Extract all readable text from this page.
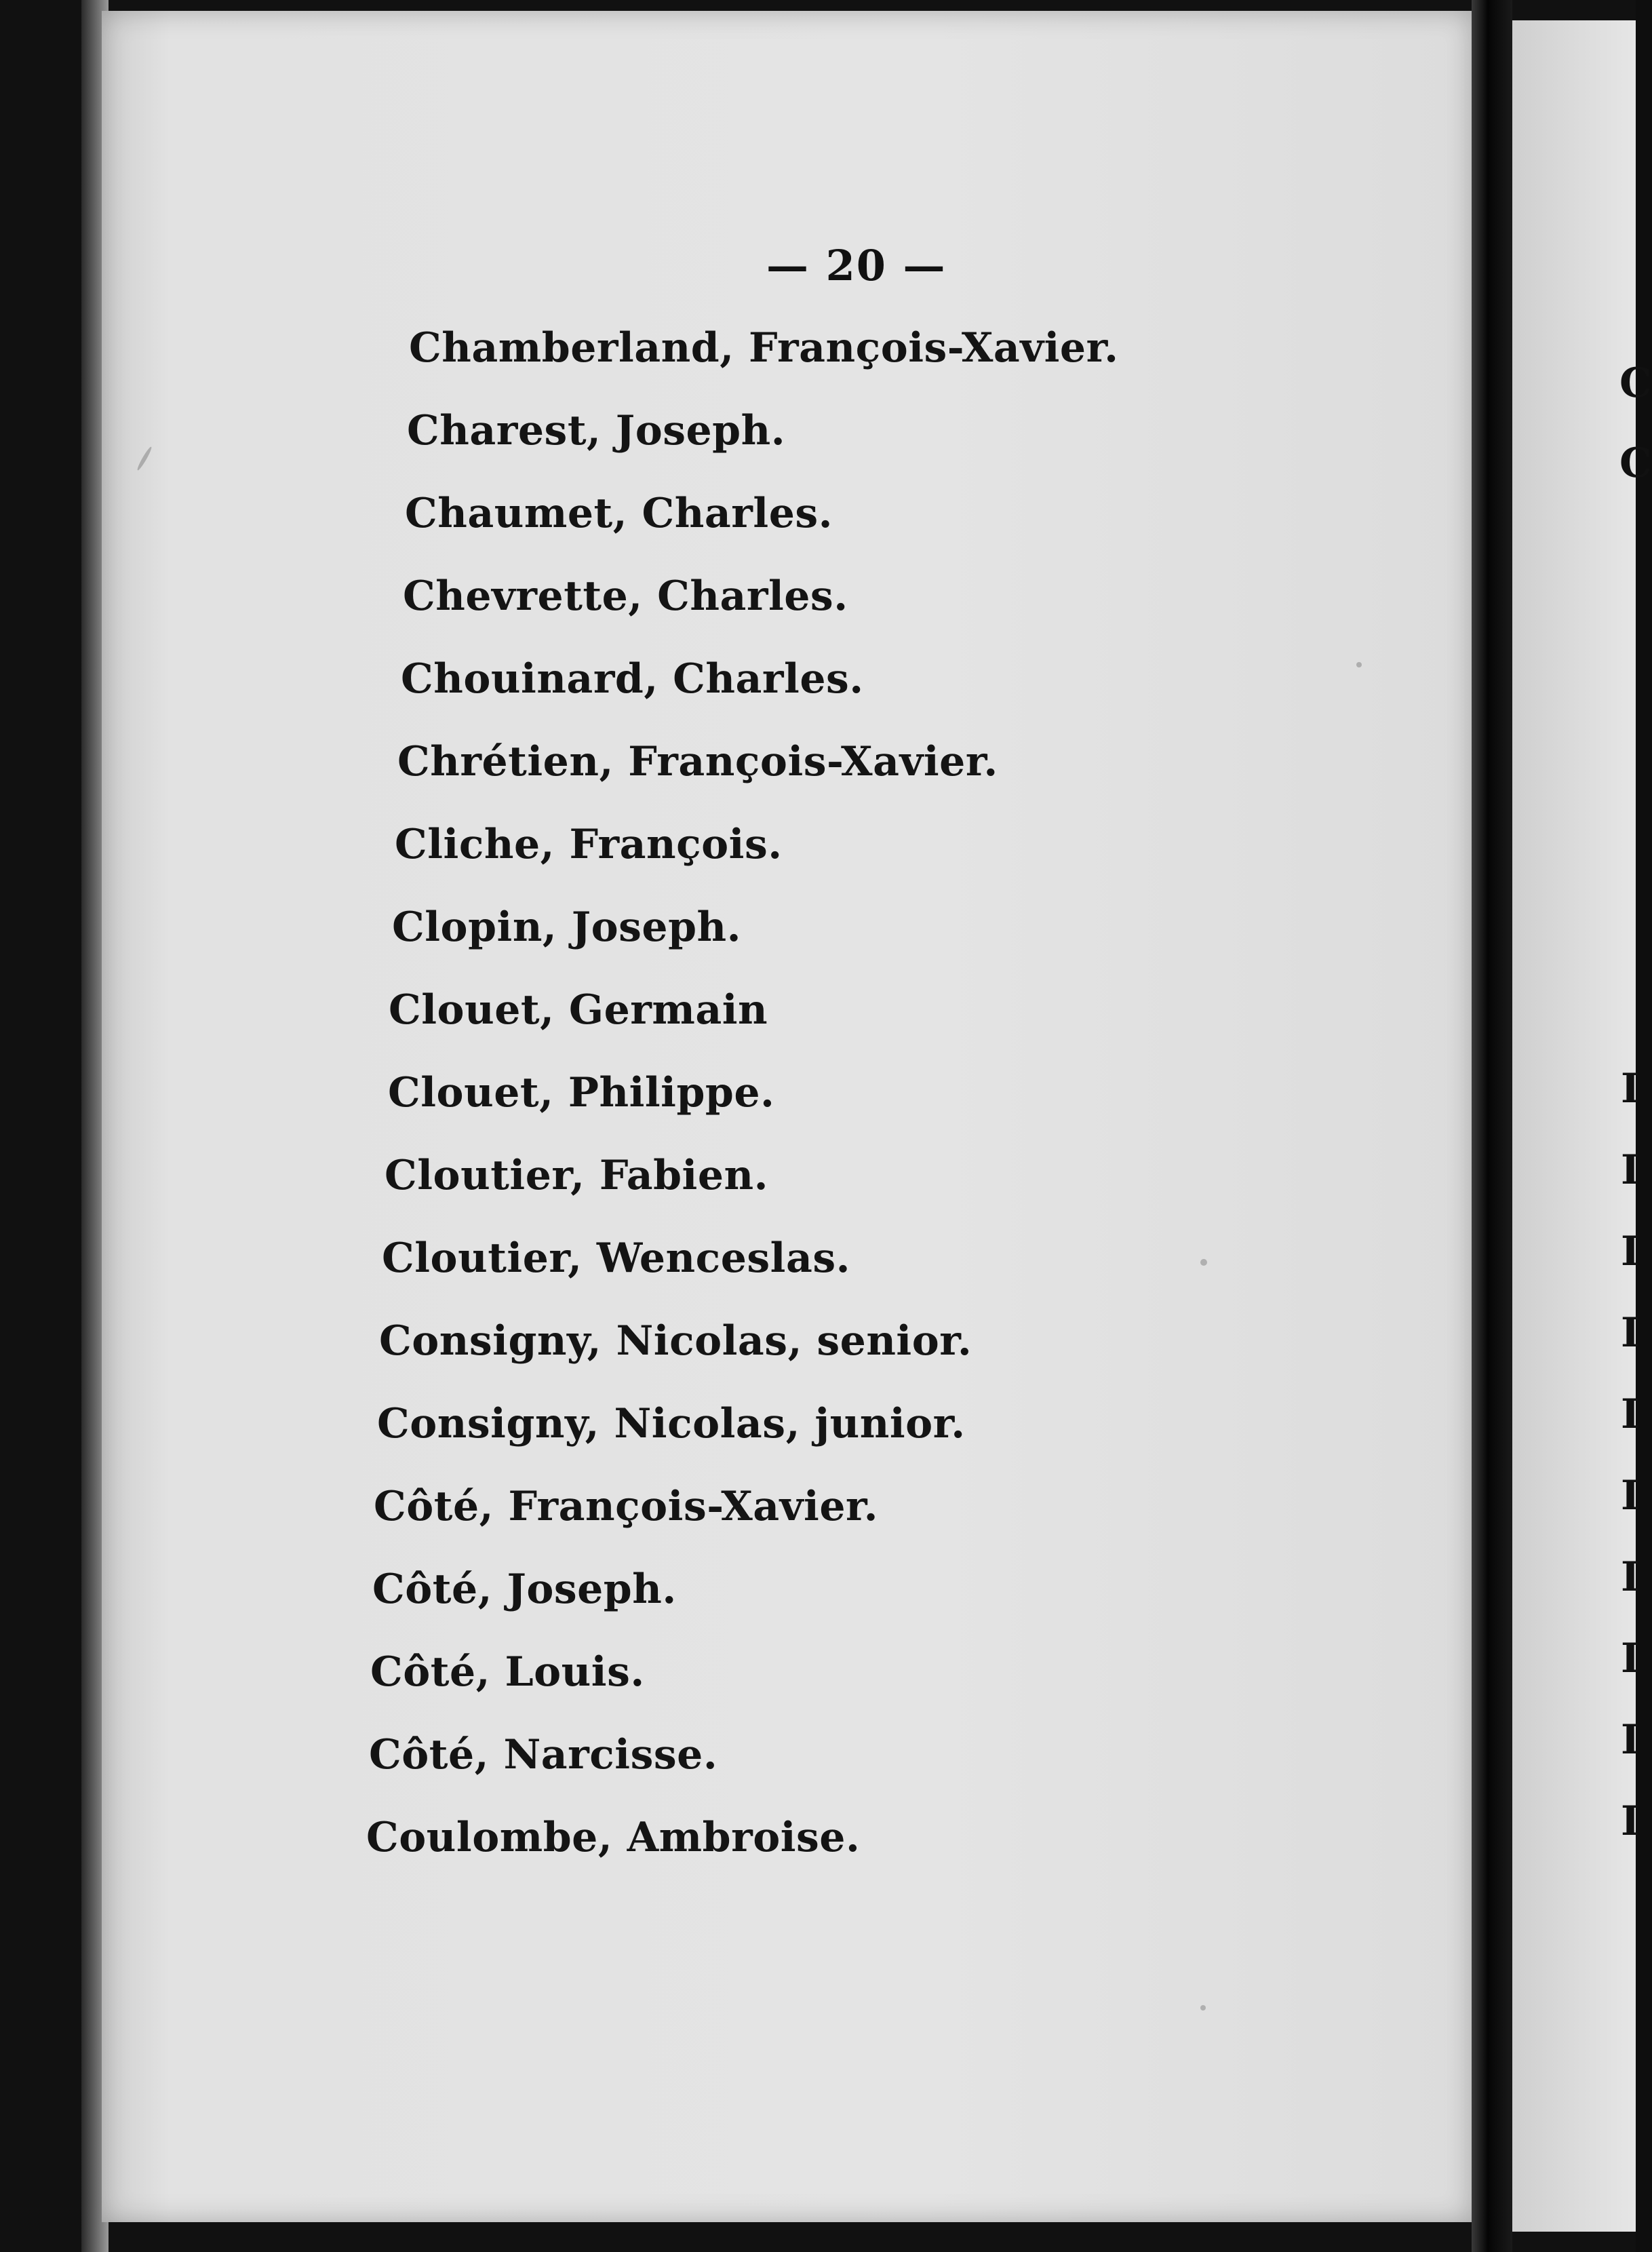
— 20 —
Chamberland, François-Xavier.
Charest, Joseph.
Chaumet, Charles.
Chevrette, Charles.
Chouinard, Charles.
Chrétien, François-Xavier.
Cliche, François.
Clopin, Joseph.
Clouet, Germain
Clouet, Philippe.
Cloutier, Fabien.
Cloutier, Wenceslas.
Consigny, Nicolas, senior.
Consigny, Nicolas, junior.
Côté, François-Xavier.
Côté, Joseph.
Côté, Louis.
Côté, Narcisse.
Coulombe, Ambroise.
C
C
I
I
I
I
I
I
I
I
I
I
